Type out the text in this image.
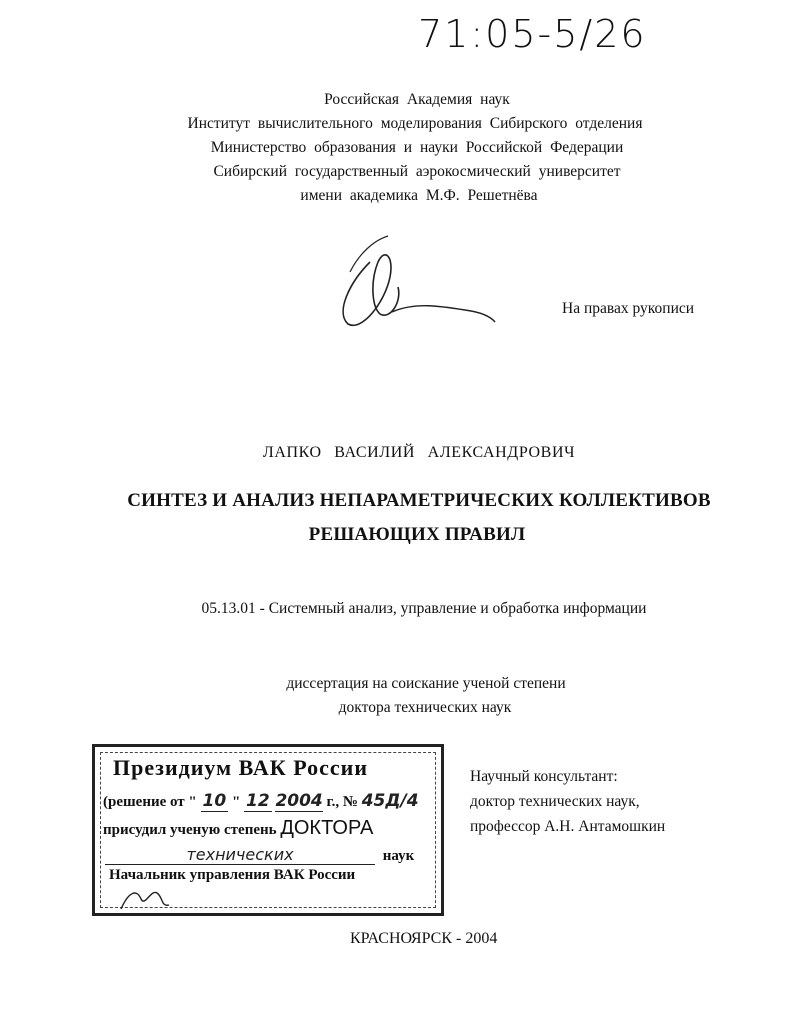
71:05-5/26
Российская Академия наук
Институт вычислительного моделирования Сибирского отделения
Министерство образования и науки Российской Федерации
Сибирский государственный аэрокосмический университет
имени академика М.Ф. Решетнёва
На правах рукописи
ЛАПКО ВАСИЛИЙ АЛЕКСАНДРОВИЧ
СИНТЕЗ И АНАЛИЗ НЕПАРАМЕТРИЧЕСКИХ КОЛЛЕКТИВОВ
РЕШАЮЩИХ ПРАВИЛ
05.13.01 - Системный анализ, управление и обработка информации
диссертация на соискание ученой степени
доктора технических наук
Научный консультант:
доктор технических наук,
профессор А.Н. Антамошкин
Президиум ВАК России
(решение от " 10 " 12 2004 г., № 45Д/4
присудил ученую степень ДОКТОРА
технических	наук
Начальник управления ВАК России
КРАСНОЯРСК - 2004
